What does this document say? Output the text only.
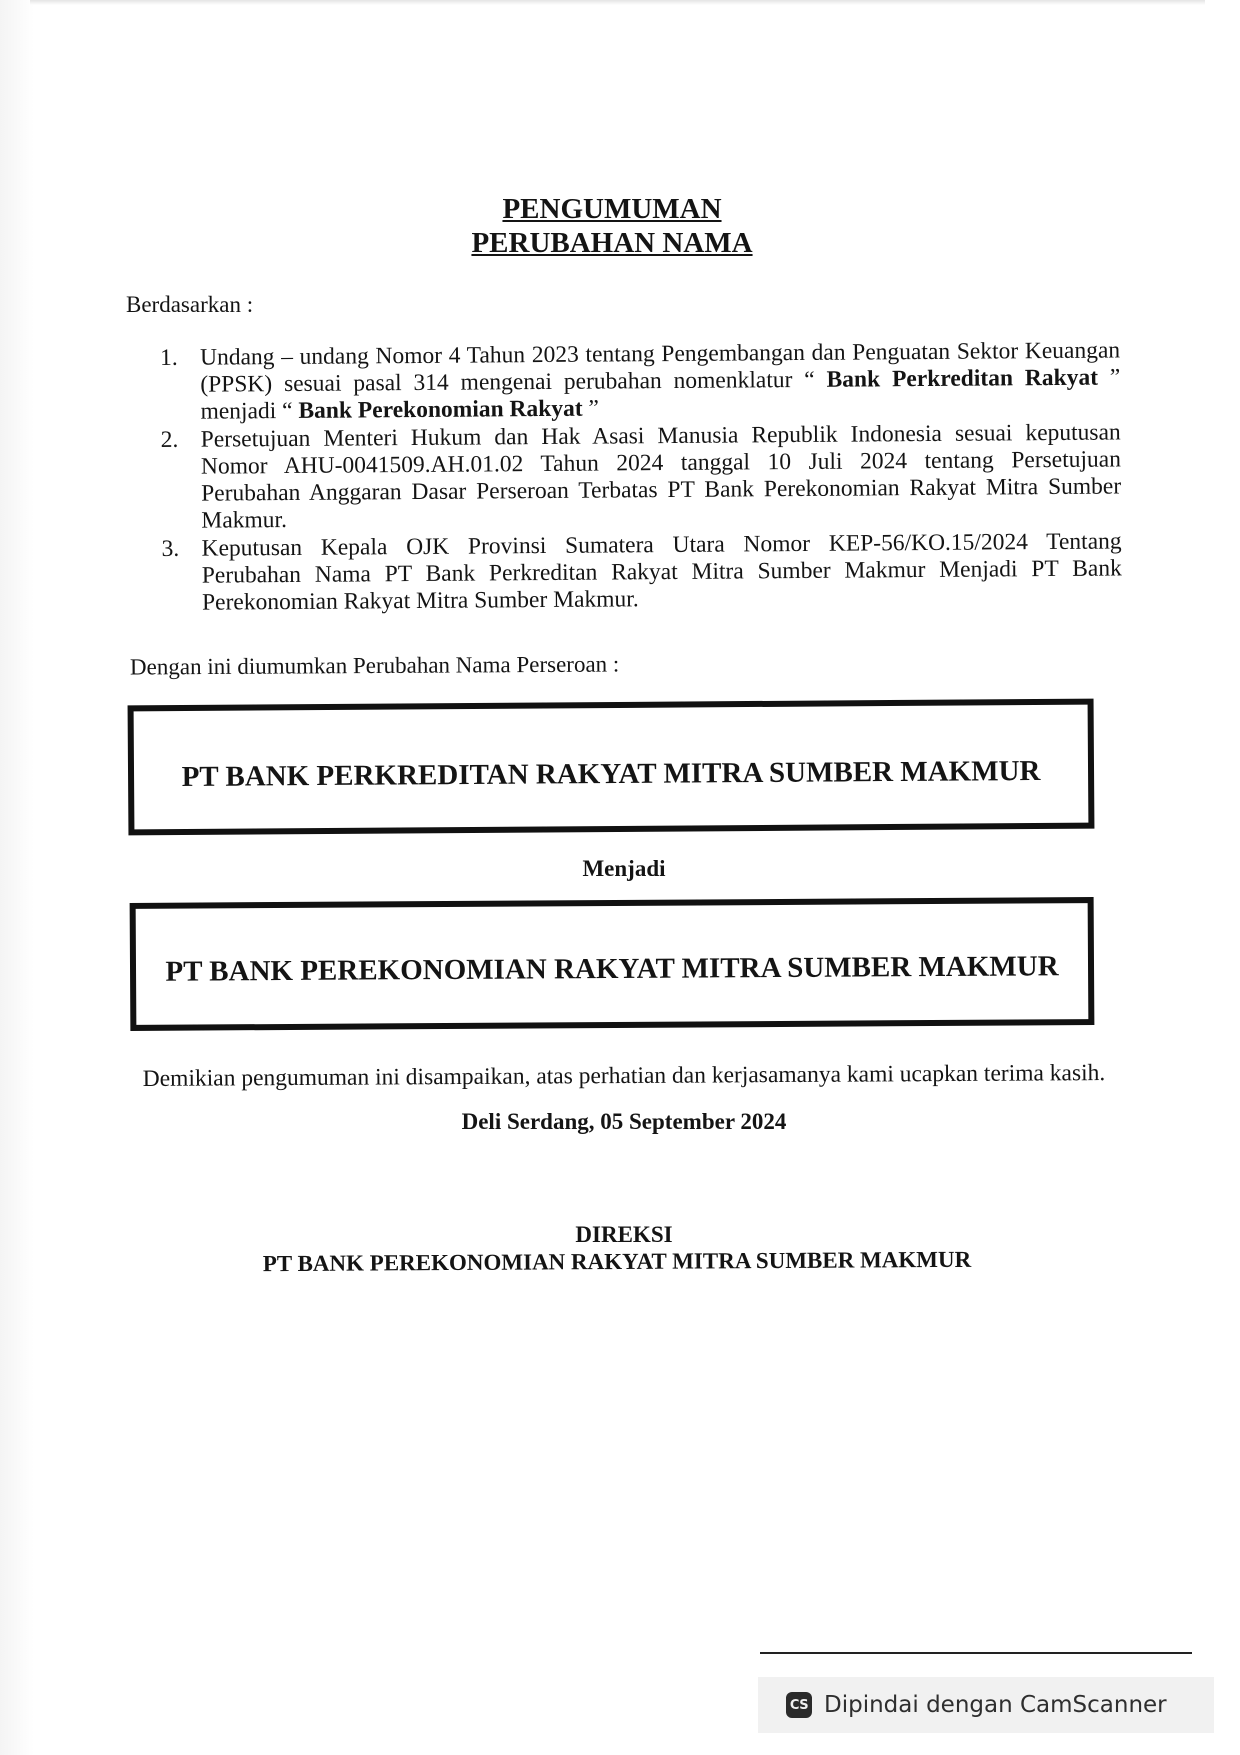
PENGUMUMAN
PERUBAHAN NAMA
Berdasarkan :
1. Undang – undang Nomor 4 Tahun 2023 tentang Pengembangan dan Penguatan Sektor Keuangan (PPSK) sesuai pasal 314 mengenai perubahan nomenklatur “ Bank Perkreditan Rakyat ” menjadi “ Bank Perekonomian Rakyat ”
2. Persetujuan Menteri Hukum dan Hak Asasi Manusia Republik Indonesia sesuai keputusan Nomor AHU-0041509.AH.01.02 Tahun 2024 tanggal 10 Juli 2024 tentang Persetujuan Perubahan Anggaran Dasar Perseroan Terbatas PT Bank Perekonomian Rakyat Mitra Sumber Makmur.
3. Keputusan Kepala OJK Provinsi Sumatera Utara Nomor KEP-56/KO.15/2024 Tentang Perubahan Nama PT Bank Perkreditan Rakyat Mitra Sumber Makmur Menjadi PT Bank Perekonomian Rakyat Mitra Sumber Makmur.
Dengan ini diumumkan Perubahan Nama Perseroan :
PT BANK PERKREDITAN RAKYAT MITRA SUMBER MAKMUR
Menjadi
PT BANK PEREKONOMIAN RAKYAT MITRA SUMBER MAKMUR
Demikian pengumuman ini disampaikan, atas perhatian dan kerjasamanya kami ucapkan terima kasih.
Deli Serdang, 05 September 2024
DIREKSI
PT BANK PEREKONOMIAN RAKYAT MITRA SUMBER MAKMUR
CS Dipindai dengan CamScanner
